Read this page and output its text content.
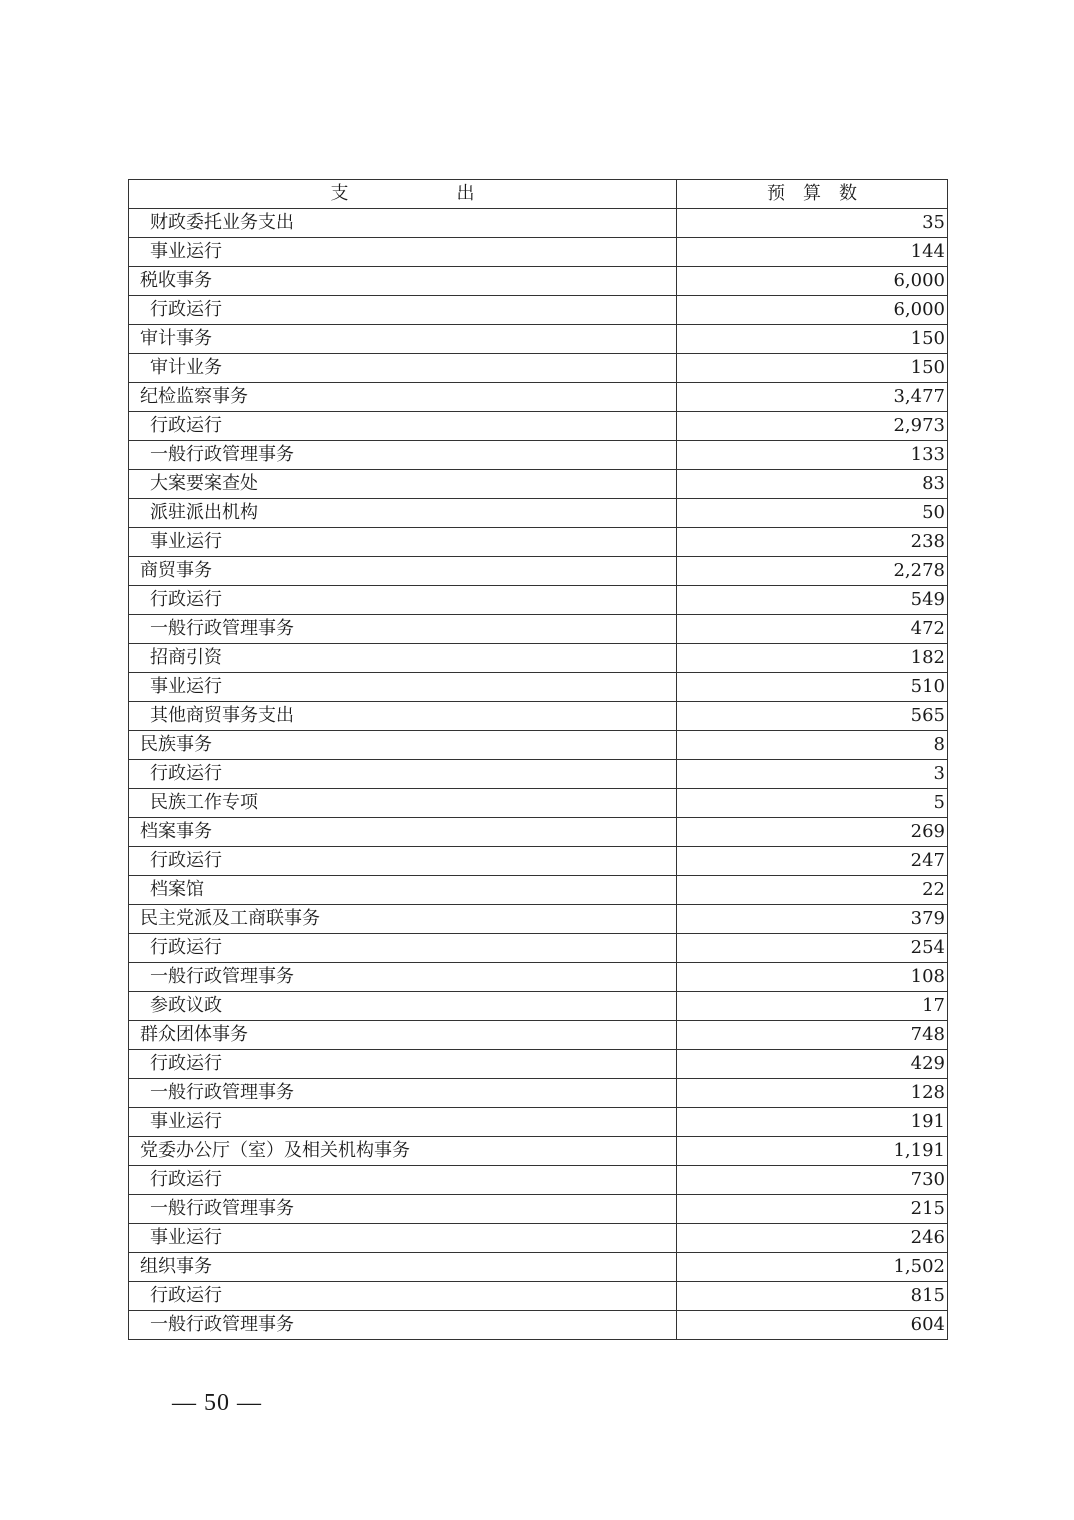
支　　　　　　出	预　算　数
财政委托业务支出	35
事业运行	144
税收事务	6,000
行政运行	6,000
审计事务	150
审计业务	150
纪检监察事务	3,477
行政运行	2,973
一般行政管理事务	133
大案要案查处	83
派驻派出机构	50
事业运行	238
商贸事务	2,278
行政运行	549
一般行政管理事务	472
招商引资	182
事业运行	510
其他商贸事务支出	565
民族事务	8
行政运行	3
民族工作专项	5
档案事务	269
行政运行	247
档案馆	22
民主党派及工商联事务	379
行政运行	254
一般行政管理事务	108
参政议政	17
群众团体事务	748
行政运行	429
一般行政管理事务	128
事业运行	191
党委办公厅（室）及相关机构事务	1,191
行政运行	730
一般行政管理事务	215
事业运行	246
组织事务	1,502
行政运行	815
一般行政管理事务	604
— 50 —
